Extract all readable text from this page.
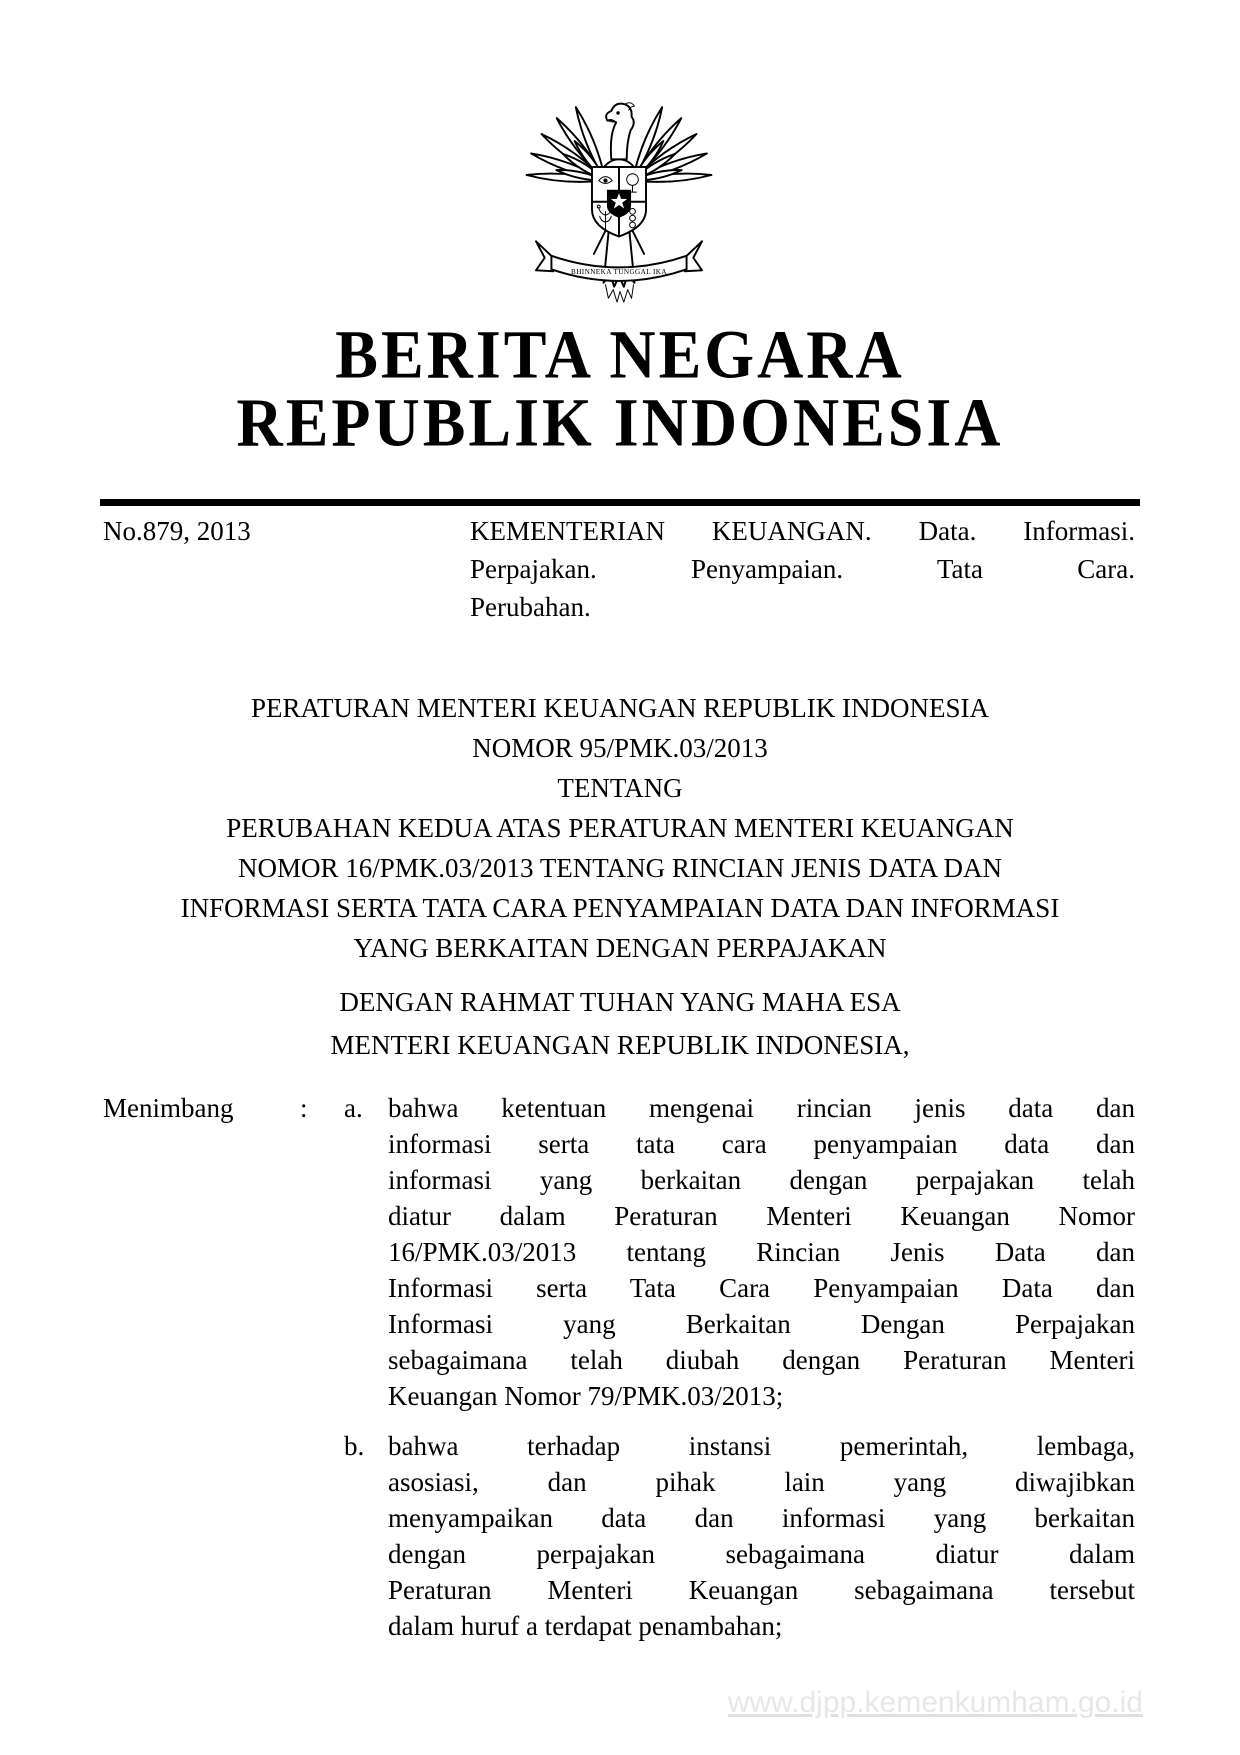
BHINNEKA TUNGGAL IKA
BERITA NEGARA
REPUBLIK INDONESIA
No.879, 2013	KEMENTERIAN KEUANGAN. Data. Informasi.
Perpajakan. Penyampaian. Tata Cara.
Perubahan.
PERATURAN MENTERI KEUANGAN REPUBLIK INDONESIA
NOMOR 95/PMK.03/2013
TENTANG
PERUBAHAN KEDUA ATAS PERATURAN MENTERI KEUANGAN
NOMOR 16/PMK.03/2013 TENTANG RINCIAN JENIS DATA DAN
INFORMASI SERTA TATA CARA PENYAMPAIAN DATA DAN INFORMASI
YANG BERKAITAN DENGAN PERPAJAKAN
DENGAN RAHMAT TUHAN YANG MAHA ESA
MENTERI KEUANGAN REPUBLIK INDONESIA,
Menimbang : a. bahwa ketentuan mengenai rincian jenis data dan
informasi serta tata cara penyampaian data dan
informasi yang berkaitan dengan perpajakan telah
diatur dalam Peraturan Menteri Keuangan Nomor
16/PMK.03/2013 tentang Rincian Jenis Data dan
Informasi serta Tata Cara Penyampaian Data dan
Informasi yang Berkaitan Dengan Perpajakan
sebagaimana telah diubah dengan Peraturan Menteri
Keuangan Nomor 79/PMK.03/2013;
b. bahwa terhadap instansi pemerintah, lembaga,
asosiasi, dan pihak lain yang diwajibkan
menyampaikan data dan informasi yang berkaitan
dengan perpajakan sebagaimana diatur dalam
Peraturan Menteri Keuangan sebagaimana tersebut
dalam huruf a terdapat penambahan;
www.djpp.kemenkumham.go.id
